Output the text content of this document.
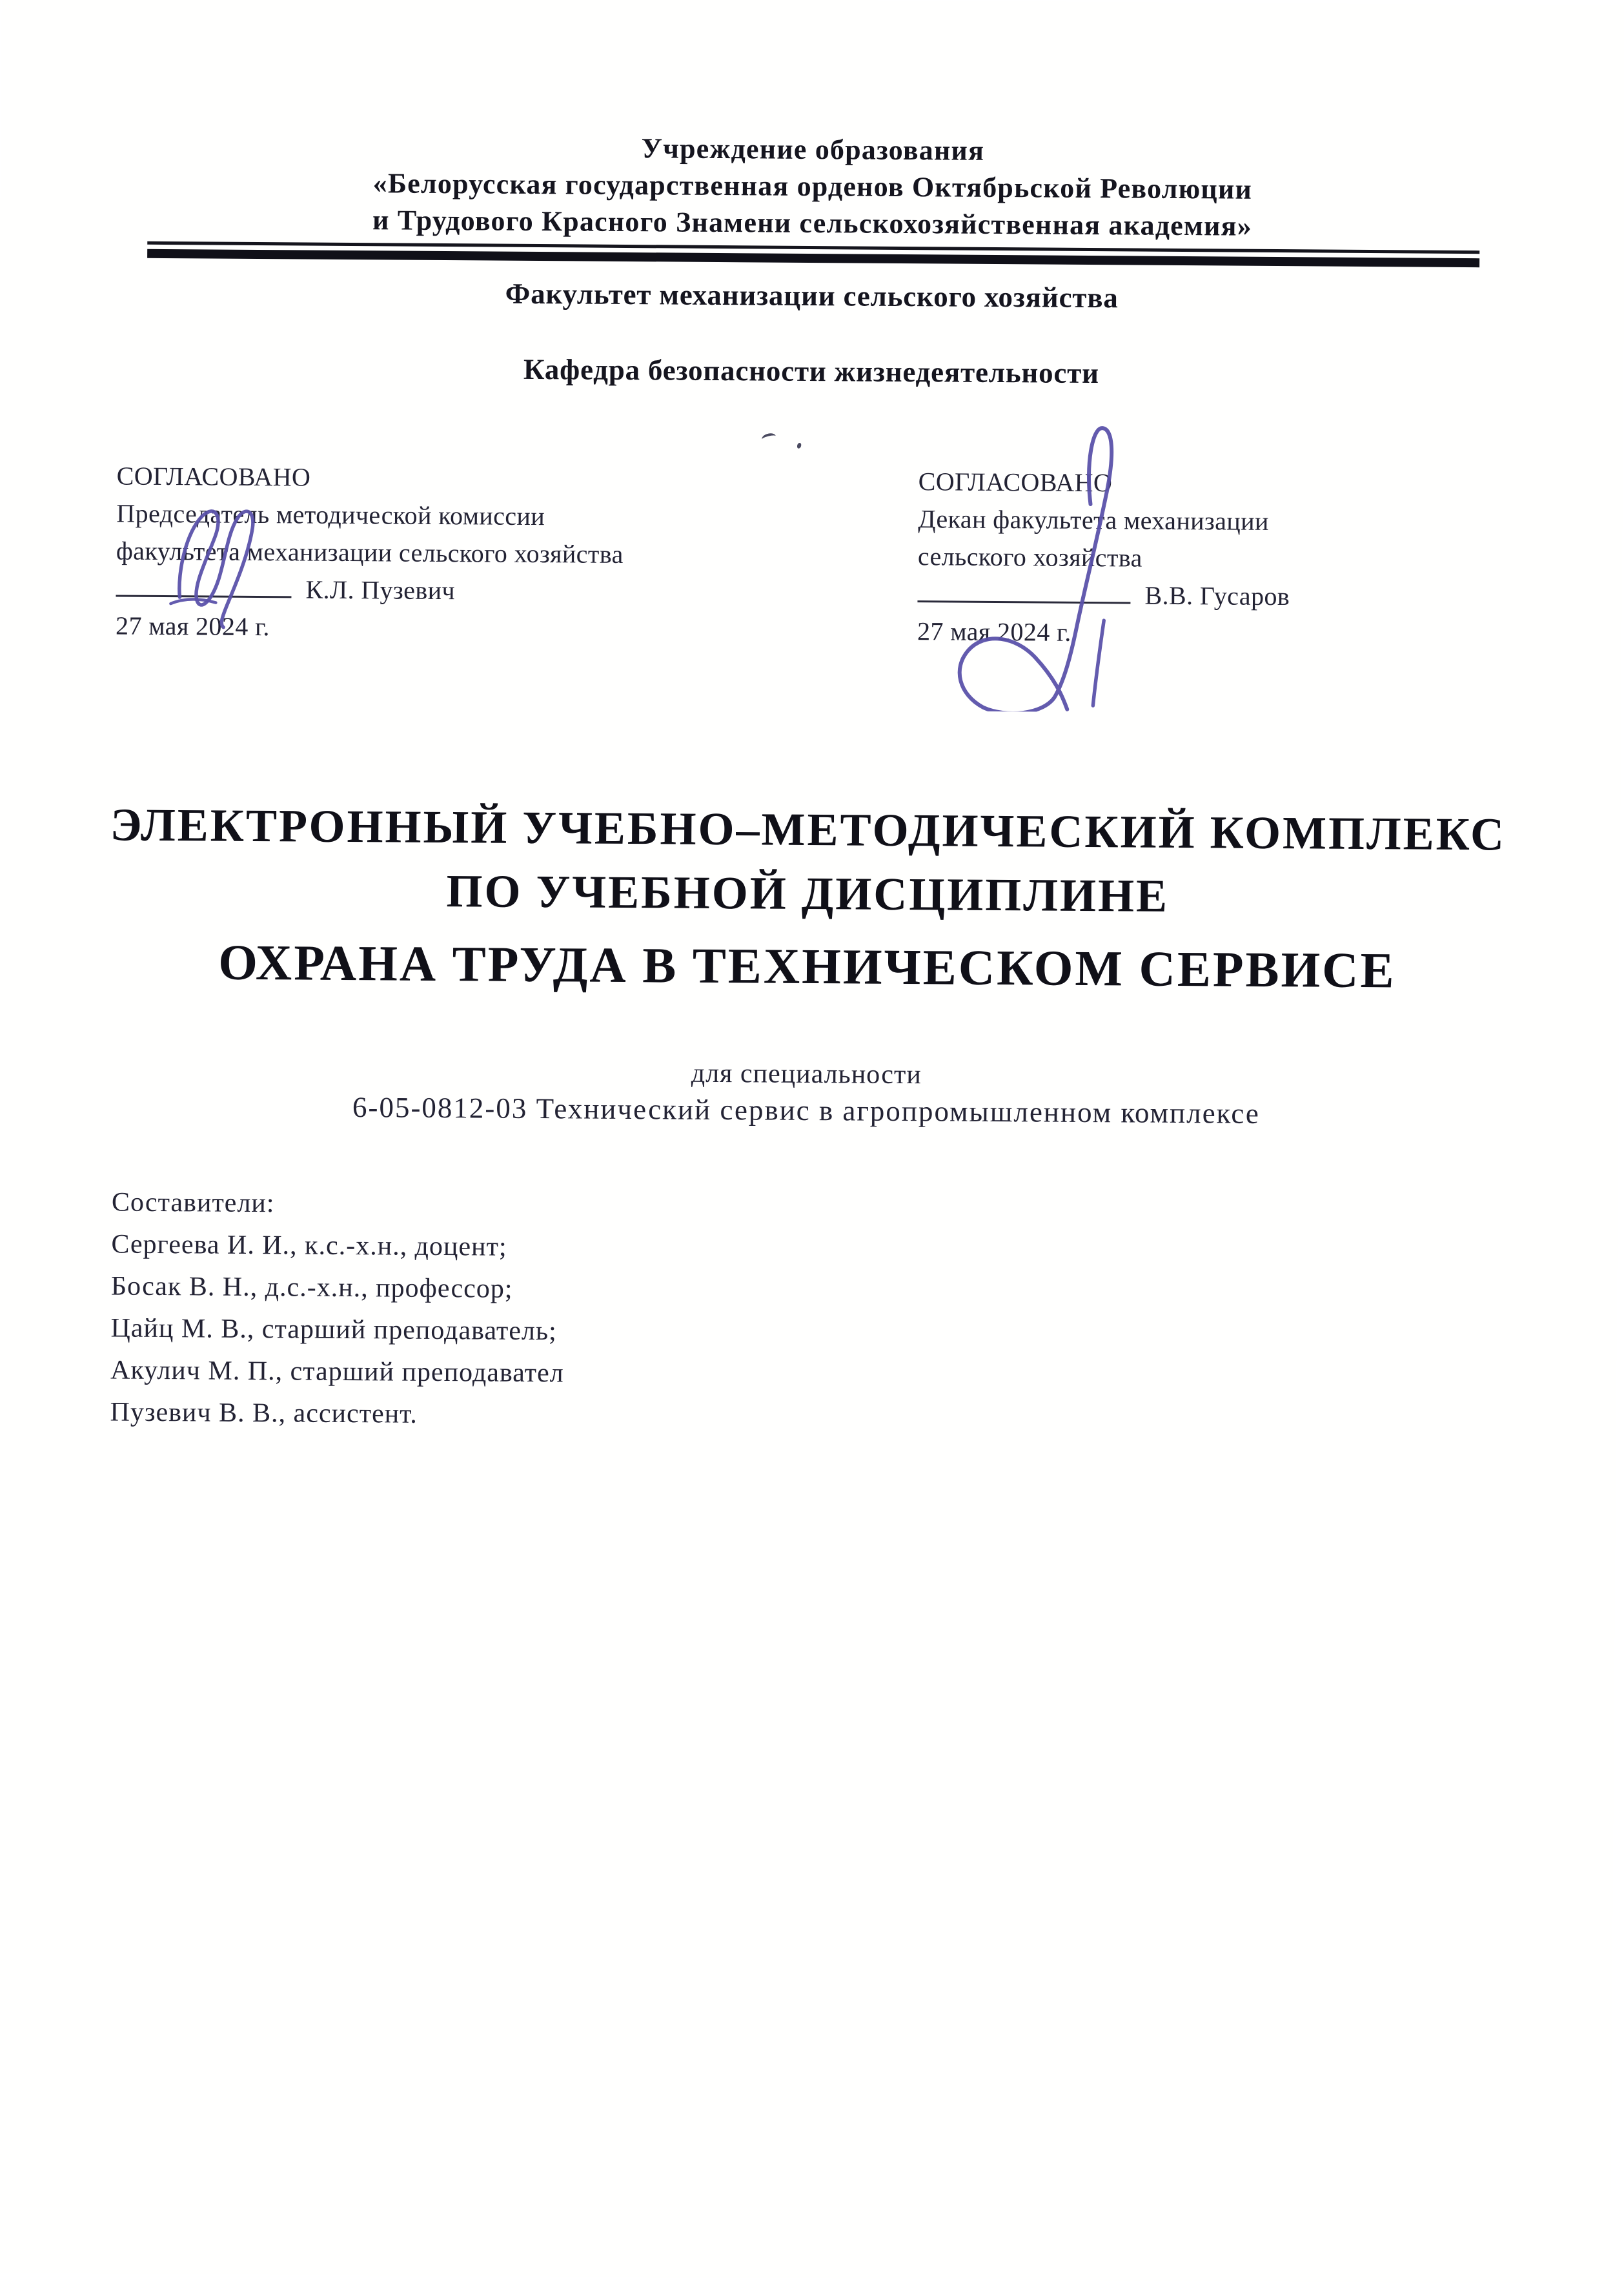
Учреждение образования
«Белорусская государственная орденов Октябрьской Революции
и Трудового Красного Знамени сельскохозяйственная академия»
Факультет механизации сельского хозяйства
Кафедра безопасности жизнедеятельности
СОГЛАСОВАНО
Председатель методической комиссии
факультета механизации сельского хозяйства
К.Л. Пузевич
27 мая 2024 г.
СОГЛАСОВАНО
Декан факультета механизации
сельского хозяйства
В.В. Гусаров
27 мая 2024 г.
ЭЛЕКТРОННЫЙ УЧЕБНО–МЕТОДИЧЕСКИЙ КОМПЛЕКС
ПО УЧЕБНОЙ ДИСЦИПЛИНЕ
ОХРАНА ТРУДА В ТЕХНИЧЕСКОМ СЕРВИСЕ
для специальности
6-05-0812-03 Технический сервис в агропромышленном комплексе
Составители:
Сергеева И. И., к.с.-х.н., доцент;
Босак В. Н., д.с.-х.н., профессор;
Цайц М. В., старший преподаватель;
Акулич М. П., старший преподавател
Пузевич В. В., ассистент.
